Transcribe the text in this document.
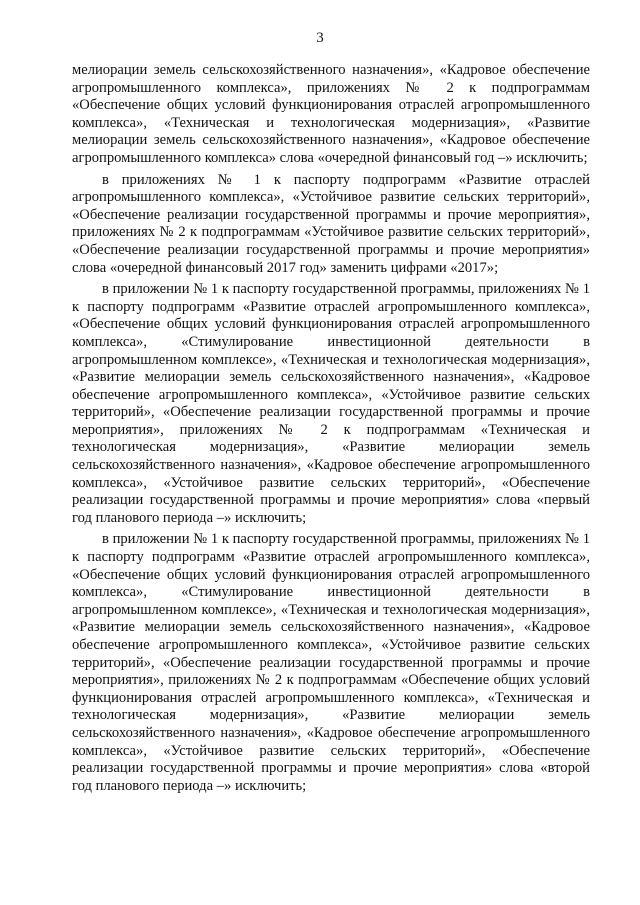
3

мелиорации земель сельскохозяйственного назначения», «Кадровое обеспечение агропромышленного комплекса», приложениях № 2 к подпрограммам «Обеспечение общих условий функционирования отраслей агропромышленного комплекса», «Техническая и технологическая модернизация», «Развитие мелиорации земель сельскохозяйственного назначения», «Кадровое обеспечение агропромышленного комплекса» слова «очередной финансовый год –» исключить;

в приложениях № 1 к паспорту подпрограмм «Развитие отраслей агропромышленного комплекса», «Устойчивое развитие сельских территорий», «Обеспечение реализации государственной программы и прочие мероприятия», приложениях № 2 к подпрограммам «Устойчивое развитие сельских территорий», «Обеспечение реализации государственной программы и прочие мероприятия» слова «очередной финансовый 2017 год» заменить цифрами «2017»;

в приложении № 1 к паспорту государственной программы, приложениях № 1 к паспорту подпрограмм «Развитие отраслей агропромышленного комплекса», «Обеспечение общих условий функционирования отраслей агропромышленного комплекса», «Стимулирование инвестиционной деятельности в агропромышленном комплексе», «Техническая и технологическая модернизация», «Развитие мелиорации земель сельскохозяйственного назначения», «Кадровое обеспечение агропромышленного комплекса», «Устойчивое развитие сельских территорий», «Обеспечение реализации государственной программы и прочие мероприятия», приложениях № 2 к подпрограммам «Техническая и технологическая модернизация», «Развитие мелиорации земель сельскохозяйственного назначения», «Кадровое обеспечение агропромышленного комплекса», «Устойчивое развитие сельских территорий», «Обеспечение реализации государственной программы и прочие мероприятия» слова «первый год планового периода –» исключить;

в приложении № 1 к паспорту государственной программы, приложениях № 1 к паспорту подпрограмм «Развитие отраслей агропромышленного комплекса», «Обеспечение общих условий функционирования отраслей агропромышленного комплекса», «Стимулирование инвестиционной деятельности в агропромышленном комплексе», «Техническая и технологическая модернизация», «Развитие мелиорации земель сельскохозяйственного назначения», «Кадровое обеспечение агропромышленного комплекса», «Устойчивое развитие сельских территорий», «Обеспечение реализации государственной программы и прочие мероприятия», приложениях № 2 к подпрограммам «Обеспечение общих условий функционирования отраслей агропромышленного комплекса», «Техническая и технологическая модернизация», «Развитие мелиорации земель сельскохозяйственного назначения», «Кадровое обеспечение агропромышленного комплекса», «Устойчивое развитие сельских территорий», «Обеспечение реализации государственной программы и прочие мероприятия» слова «второй год планового периода –» исключить;
